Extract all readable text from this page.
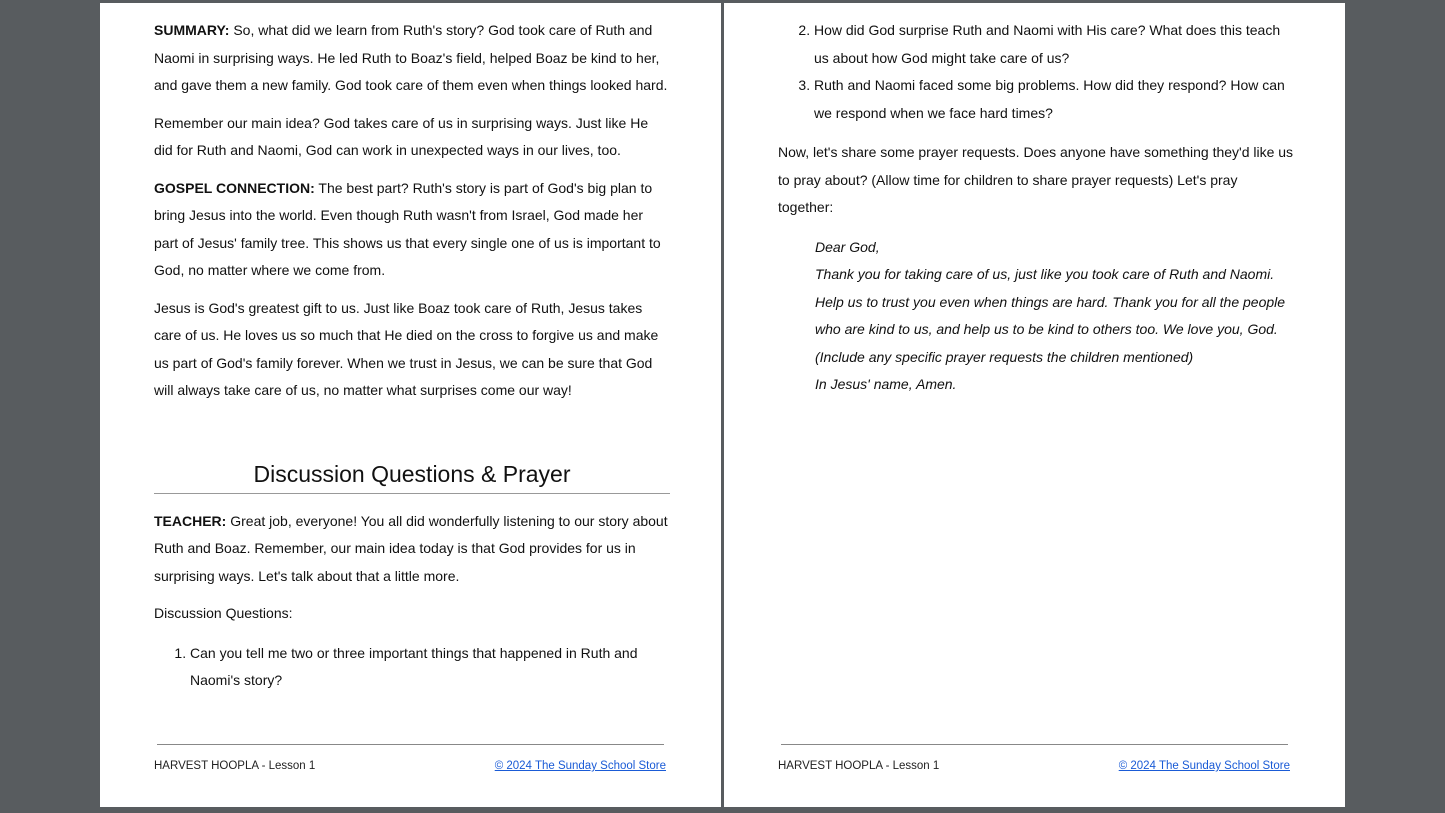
SUMMARY: So, what did we learn from Ruth's story? God took care of Ruth and Naomi in surprising ways. He led Ruth to Boaz's field, helped Boaz be kind to her, and gave them a new family. God took care of them even when things looked hard.

Remember our main idea? God takes care of us in surprising ways. Just like He did for Ruth and Naomi, God can work in unexpected ways in our lives, too.

GOSPEL CONNECTION: The best part? Ruth's story is part of God's big plan to bring Jesus into the world. Even though Ruth wasn't from Israel, God made her part of Jesus' family tree. This shows us that every single one of us is important to God, no matter where we come from.

Jesus is God's greatest gift to us. Just like Boaz took care of Ruth, Jesus takes care of us. He loves us so much that He died on the cross to forgive us and make us part of God's family forever. When we trust in Jesus, we can be sure that God will always take care of us, no matter what surprises come our way!

Discussion Questions & Prayer

TEACHER: Great job, everyone! You all did wonderfully listening to our story about Ruth and Boaz. Remember, our main idea today is that God provides for us in surprising ways. Let's talk about that a little more.

Discussion Questions:

1. Can you tell me two or three important things that happened in Ruth and Naomi's story?
HARVEST HOOPLA - Lesson 1	© 2024 The Sunday School Store
2. How did God surprise Ruth and Naomi with His care? What does this teach us about how God might take care of us?
3. Ruth and Naomi faced some big problems. How did they respond? How can we respond when we face hard times?

Now, let's share some prayer requests. Does anyone have something they'd like us to pray about? (Allow time for children to share prayer requests) Let's pray together:

Dear God,
Thank you for taking care of us, just like you took care of Ruth and Naomi. Help us to trust you even when things are hard. Thank you for all the people who are kind to us, and help us to be kind to others too. We love you, God.
(Include any specific prayer requests the children mentioned)
In Jesus' name, Amen.
HARVEST HOOPLA - Lesson 1	© 2024 The Sunday School Store
